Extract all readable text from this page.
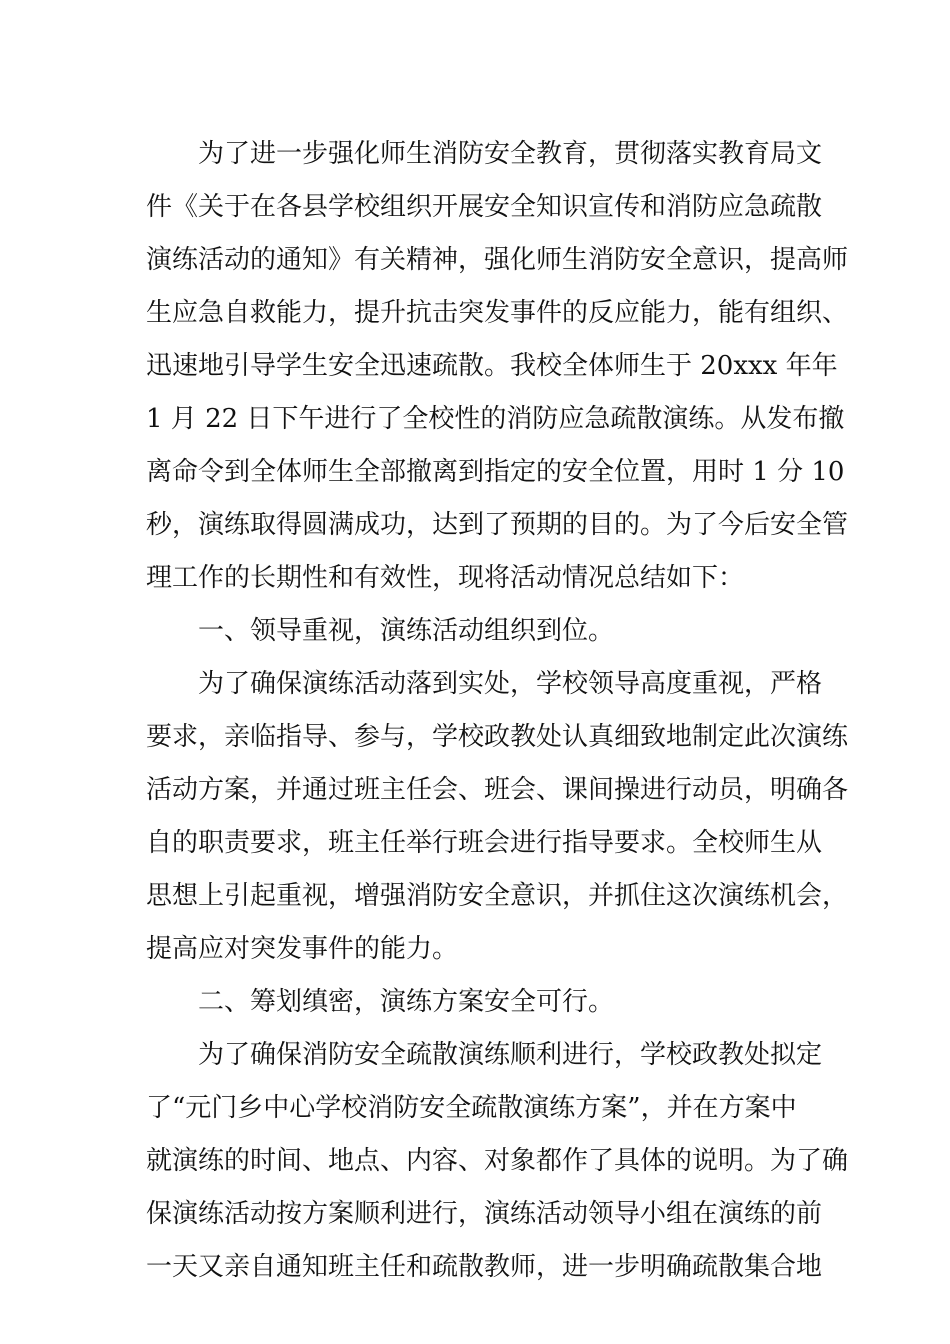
为了进一步强化师生消防安全教育，贯彻落实教育局文
件《关于在各县学校组织开展安全知识宣传和消防应急疏散
演练活动的通知》有关精神，强化师生消防安全意识，提高师
生应急自救能力，提升抗击突发事件的反应能力，能有组织、
迅速地引导学生安全迅速疏散。我校全体师生于 20xxx 年年
1 月 22 日下午进行了全校性的消防应急疏散演练。从发布撤
离命令到全体师生全部撤离到指定的安全位置，用时 1 分 10
秒，演练取得圆满成功，达到了预期的目的。为了今后安全管
理工作的长期性和有效性，现将活动情况总结如下：
一、领导重视，演练活动组织到位。
为了确保演练活动落到实处，学校领导高度重视，严格
要求，亲临指导、参与，学校政教处认真细致地制定此次演练
活动方案，并通过班主任会、班会、课间操进行动员，明确各
自的职责要求，班主任举行班会进行指导要求。全校师生从
思想上引起重视，增强消防安全意识，并抓住这次演练机会，
提高应对突发事件的能力。
二、筹划缜密，演练方案安全可行。
为了确保消防安全疏散演练顺利进行，学校政教处拟定
了“元门乡中心学校消防安全疏散演练方案”，并在方案中
就演练的时间、地点、内容、对象都作了具体的说明。为了确
保演练活动按方案顺利进行，演练活动领导小组在演练的前
一天又亲自通知班主任和疏散教师，进一步明确疏散集合地
